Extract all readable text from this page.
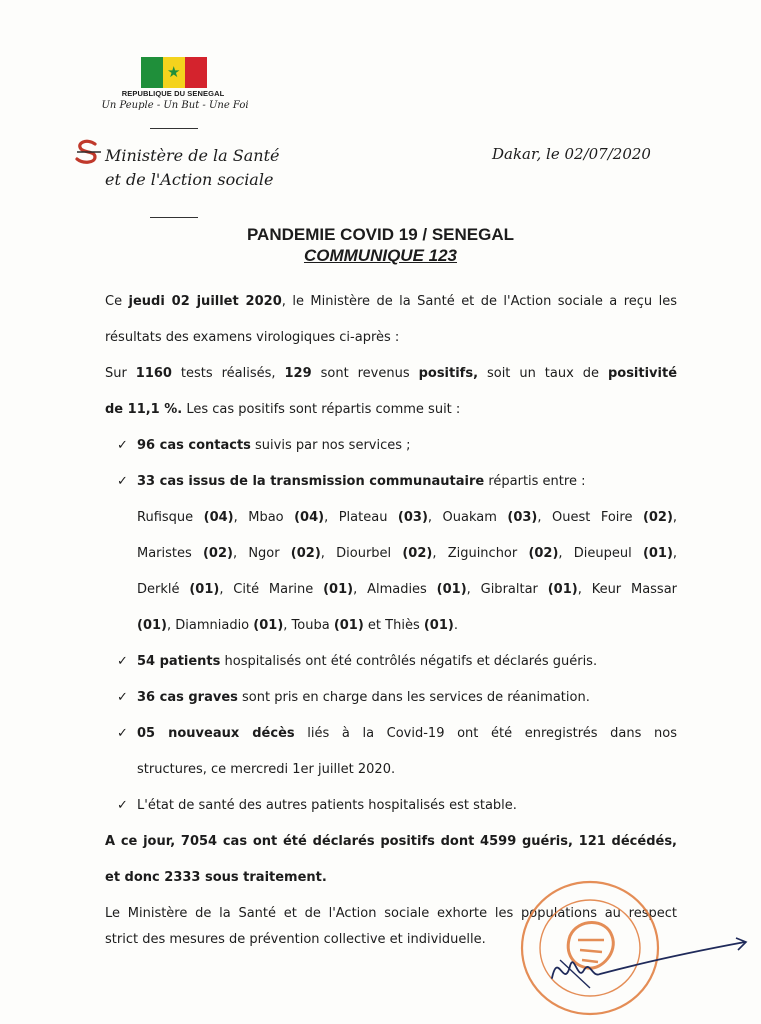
★
REPUBLIQUE DU SENEGAL
Un Peuple - Un But - Une Foi
Ministère de la Santé
et de l'Action sociale
Dakar, le 02/07/2020
PANDEMIE COVID 19 / SENEGAL
COMMUNIQUE 123

Ce jeudi 02 juillet 2020, le Ministère de la Santé et de l'Action sociale a reçu les

résultats des examens virologiques ci-après :

Sur 1160 tests réalisés, 129 sont revenus positifs, soit un taux de positivité

de 11,1 %. Les cas positifs sont répartis comme suit :

✓ 96 cas contacts suivis par nos services ;
✓ 33 cas issus de la transmission communautaire répartis entre :
Rufisque (04), Mbao (04), Plateau (03), Ouakam (03), Ouest Foire (02),
Maristes (02), Ngor (02), Diourbel (02), Ziguinchor (02), Dieupeul (01),
Derklé (01), Cité Marine (01), Almadies (01), Gibraltar (01), Keur Massar
(01), Diamniadio (01), Touba (01) et Thiès (01).
✓ 54 patients hospitalisés ont été contrôlés négatifs et déclarés guéris.
✓ 36 cas graves sont pris en charge dans les services de réanimation.
✓ 05 nouveaux décès liés à la Covid-19 ont été enregistrés dans nos
structures, ce mercredi 1er juillet 2020.
✓ L'état de santé des autres patients hospitalisés est stable.

A ce jour, 7054 cas ont été déclarés positifs dont 4599 guéris, 121 décédés,

et donc 2333 sous traitement.

Le Ministère de la Santé et de l'Action sociale exhorte les populations au respect

strict des mesures de prévention collective et individuelle.
